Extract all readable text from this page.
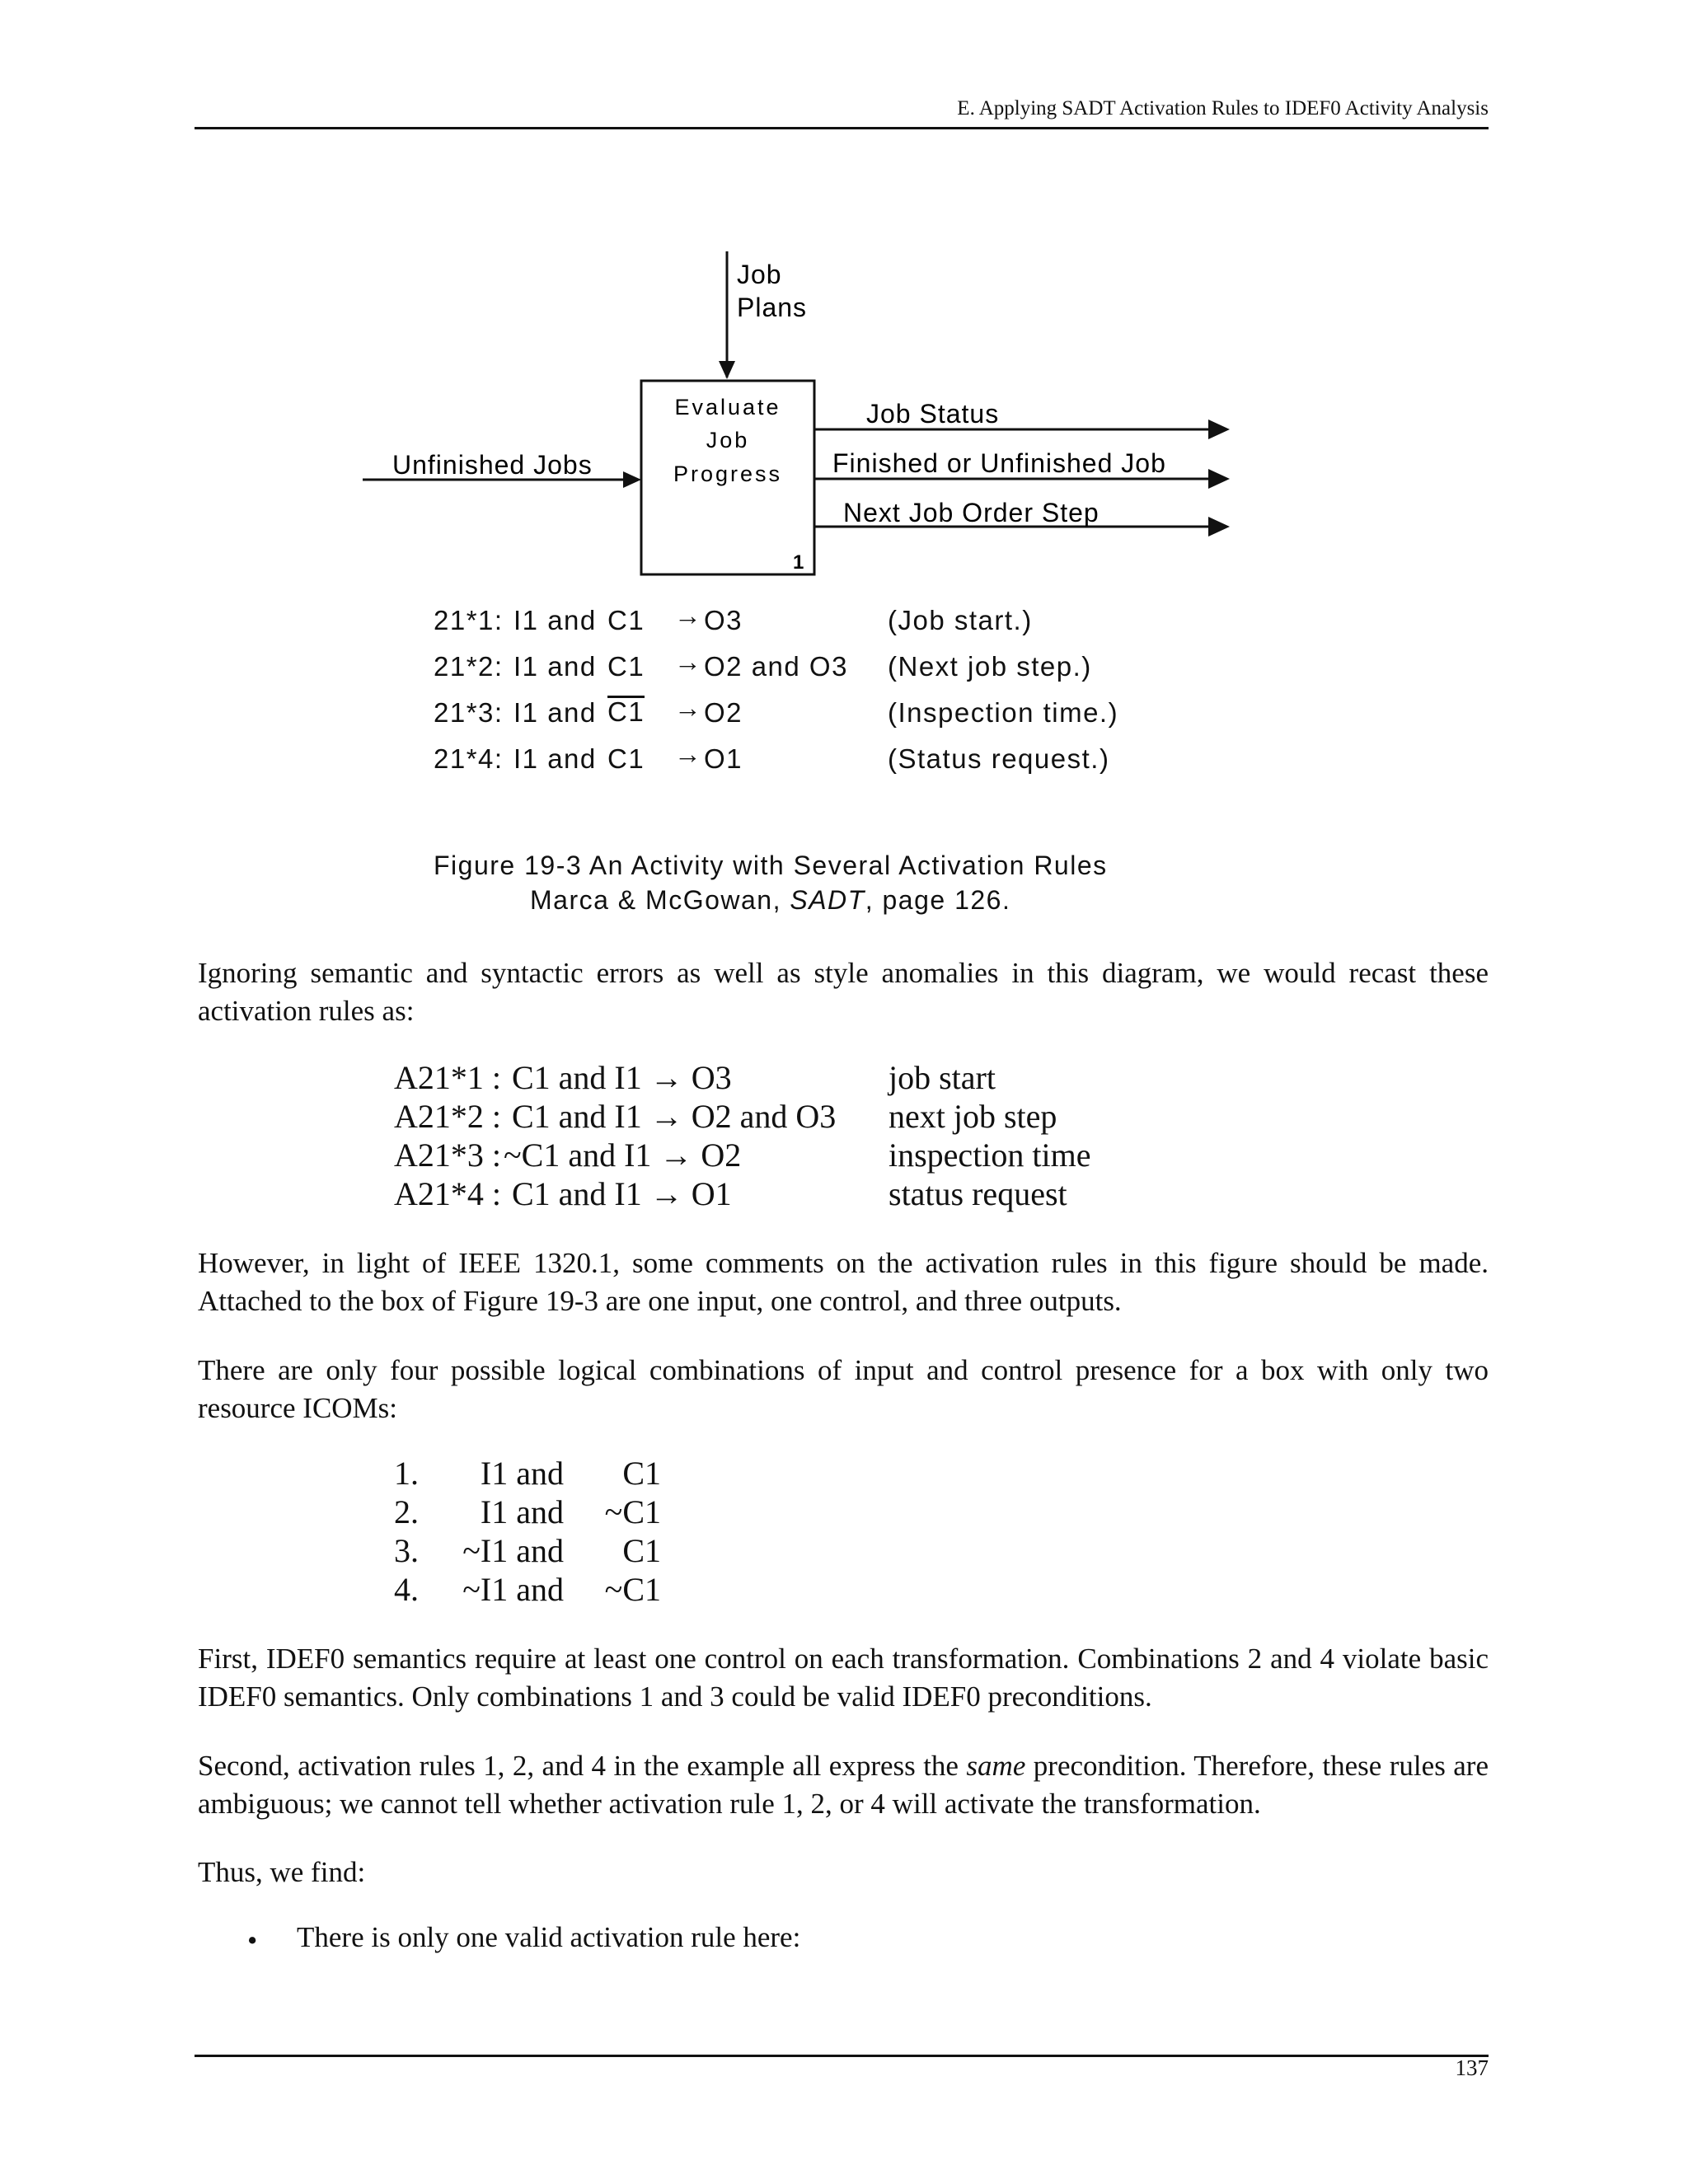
E. Applying SADT Activation Rules to IDEF0 Activity Analysis
Job
Plans
Evaluate
Job
Progress
1
Unfinished Jobs
Job Status
Finished or Unfinished Job
Next Job Order Step
21*1: I1 and C1 → O3	(Job start.)
21*2: I1 and C1 → O2 and O3 (Next job step.)
21*3: I1 and C1 → O2	(Inspection time.)
21*4: I1 and C1 → O1	(Status request.)
Figure 19-3 An Activity with Several Activation Rules
Marca & McGowan, SADT, page 126.
Ignoring semantic and syntactic errors as well as style anomalies in this diagram, we would recast these activation rules as:
A21*1 : C1 and I1 → O3	job start
A21*2 : C1 and I1 → O2 and O3 next job step
A21*3 : ~C1 and I1 → O2	inspection time
A21*4 : C1 and I1 → O1	status request
However, in light of IEEE 1320.1, some comments on the activation rules in this figure should be made. Attached to the box of Figure 19-3 are one input, one control, and three outputs.
There are only four possible logical combinations of input and control presence for a box with only two resource ICOMs:
1.	I1 and	C1
2.	I1 and	~C1
3.	~I1 and	C1
4.	~I1 and	~C1
First, IDEF0 semantics require at least one control on each transformation. Combinations 2 and 4 violate basic IDEF0 semantics. Only combinations 1 and 3 could be valid IDEF0 preconditions.
Second, activation rules 1, 2, and 4 in the example all express the same precondition. Therefore, these rules are ambiguous; we cannot tell whether activation rule 1, 2, or 4 will activate the transformation.
Thus, we find:
• There is only one valid activation rule here:
137
